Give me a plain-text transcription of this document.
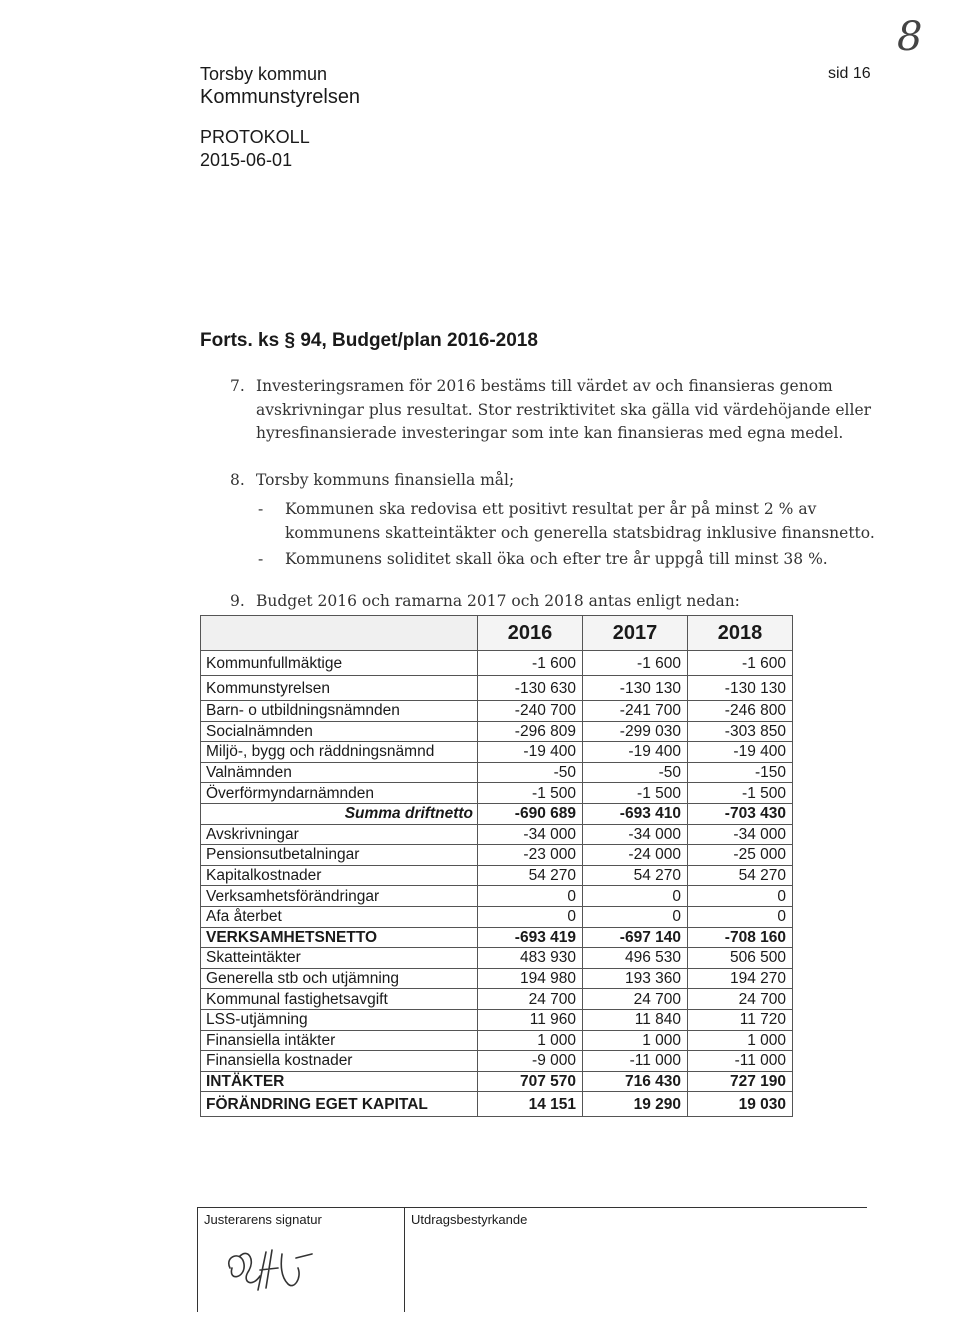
Torsby kommun
Kommunstyrelsen
PROTOKOLL
2015-06-01
sid 16
8
Forts. ks § 94, Budget/plan 2016-2018
7. Investeringsramen för 2016 bestäms till värdet av och finansieras genom
avskrivningar plus resultat. Stor restriktivitet ska gälla vid värdehöjande eller
hyresfinansierade investeringar som inte kan finansieras med egna medel.
8. Torsby kommuns finansiella mål;
- Kommunen ska redovisa ett positivt resultat per år på minst 2 % av
kommunens skatteintäkter och generella statsbidrag inklusive finansnetto.
- Kommunens soliditet skall öka och efter tre år uppgå till minst 38 %.
9. Budget 2016 och ramarna 2017 och 2018 antas enligt nedan:
	2016	2017	2018
Kommunfullmäktige	-1 600	-1 600	-1 600
Kommunstyrelsen	-130 630	-130 130	-130 130
Barn- o utbildningsnämnden	-240 700	-241 700	-246 800
Socialnämnden	-296 809	-299 030	-303 850
Miljö-, bygg och räddningsnämnd	-19 400	-19 400	-19 400
Valnämnden	-50	-50	-150
Överförmyndarnämnden	-1 500	-1 500	-1 500
Summa driftnetto	-690 689	-693 410	-703 430
Avskrivningar	-34 000	-34 000	-34 000
Pensionsutbetalningar	-23 000	-24 000	-25 000
Kapitalkostnader	54 270	54 270	54 270
Verksamhetsförändringar	0	0	0
Afa återbet	0	0	0
VERKSAMHETSNETTO	-693 419	-697 140	-708 160
Skatteintäkter	483 930	496 530	506 500
Generella stb och utjämning	194 980	193 360	194 270
Kommunal fastighetsavgift	24 700	24 700	24 700
LSS-utjämning	11 960	11 840	11 720
Finansiella intäkter	1 000	1 000	1 000
Finansiella kostnader	-9 000	-11 000	-11 000
INTÄKTER	707 570	716 430	727 190
FÖRÄNDRING EGET KAPITAL	14 151	19 290	19 030
Justerarens signatur	Utdragsbestyrkande
